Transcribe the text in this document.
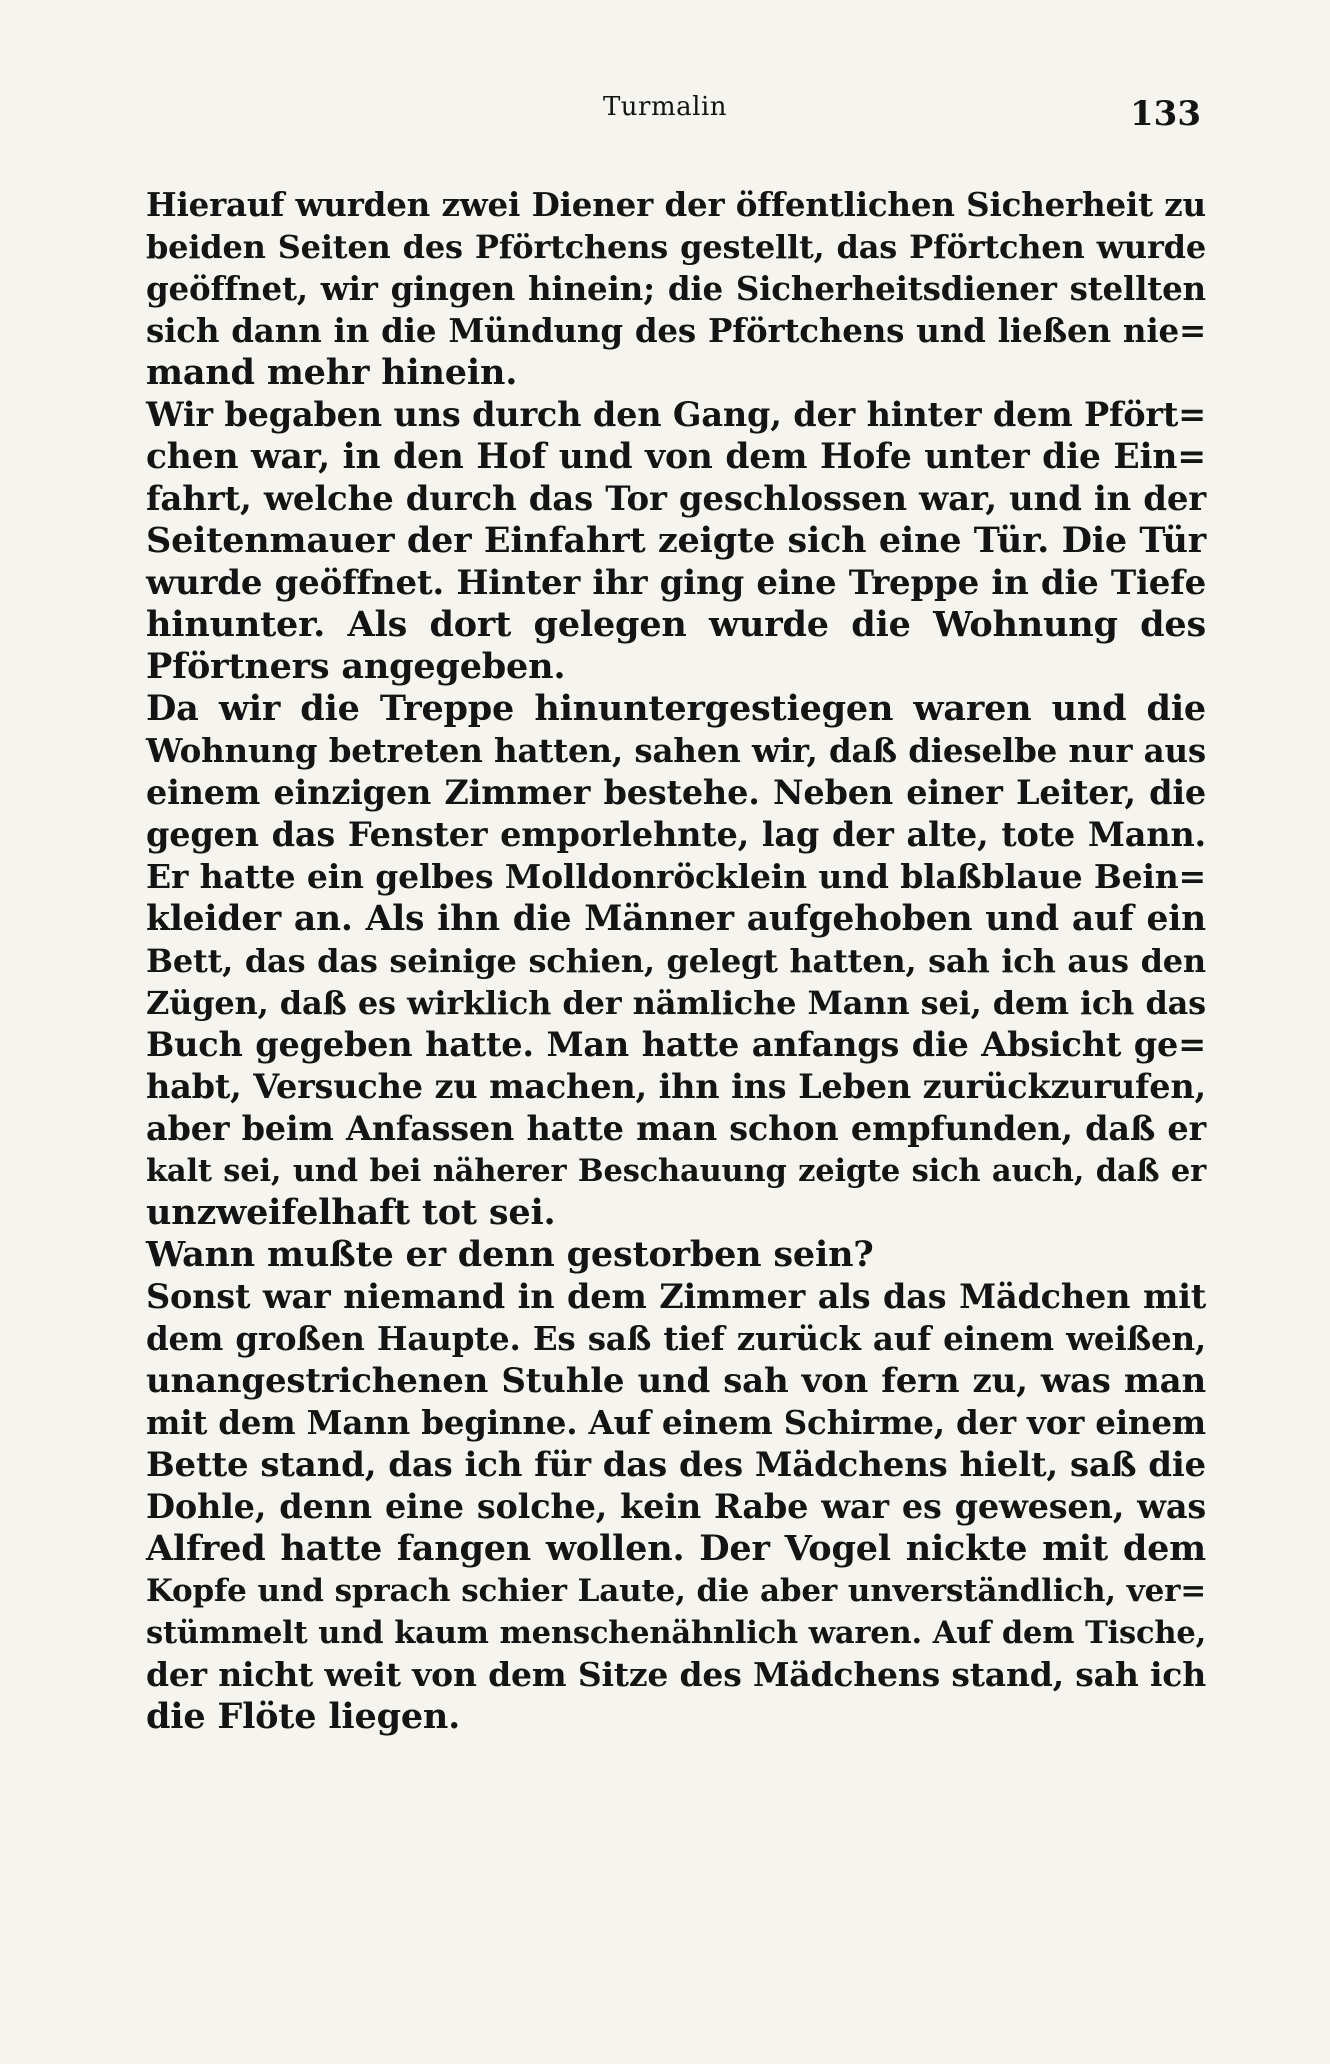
Turmalin	133
Hierauf wurden zwei Diener der öffentlichen Sicherheit zu
beiden Seiten des Pförtchens gestellt, das Pförtchen wurde
geöffnet, wir gingen hinein; die Sicherheitsdiener stellten
sich dann in die Mündung des Pförtchens und ließen nie=
mand mehr hinein.
Wir begaben uns durch den Gang, der hinter dem Pfört=
chen war, in den Hof und von dem Hofe unter die Ein=
fahrt, welche durch das Tor geschlossen war, und in der
Seitenmauer der Einfahrt zeigte sich eine Tür. Die Tür
wurde geöffnet. Hinter ihr ging eine Treppe in die Tiefe
hinunter. Als dort gelegen wurde die Wohnung des
Pförtners angegeben.
Da wir die Treppe hinuntergestiegen waren und die
Wohnung betreten hatten, sahen wir, daß dieselbe nur aus
einem einzigen Zimmer bestehe. Neben einer Leiter, die
gegen das Fenster emporlehnte, lag der alte, tote Mann.
Er hatte ein gelbes Molldonröcklein und blaßblaue Bein=
kleider an. Als ihn die Männer aufgehoben und auf ein
Bett, das das seinige schien, gelegt hatten, sah ich aus den
Zügen, daß es wirklich der nämliche Mann sei, dem ich das
Buch gegeben hatte. Man hatte anfangs die Absicht ge=
habt, Versuche zu machen, ihn ins Leben zurückzurufen,
aber beim Anfassen hatte man schon empfunden, daß er
kalt sei, und bei näherer Beschauung zeigte sich auch, daß er
unzweifelhaft tot sei.
Wann mußte er denn gestorben sein?
Sonst war niemand in dem Zimmer als das Mädchen mit
dem großen Haupte. Es saß tief zurück auf einem weißen,
unangestrichenen Stuhle und sah von fern zu, was man
mit dem Mann beginne. Auf einem Schirme, der vor einem
Bette stand, das ich für das des Mädchens hielt, saß die
Dohle, denn eine solche, kein Rabe war es gewesen, was
Alfred hatte fangen wollen. Der Vogel nickte mit dem
Kopfe und sprach schier Laute, die aber unverständlich, ver=
stümmelt und kaum menschenähnlich waren. Auf dem Tische,
der nicht weit von dem Sitze des Mädchens stand, sah ich
die Flöte liegen.
